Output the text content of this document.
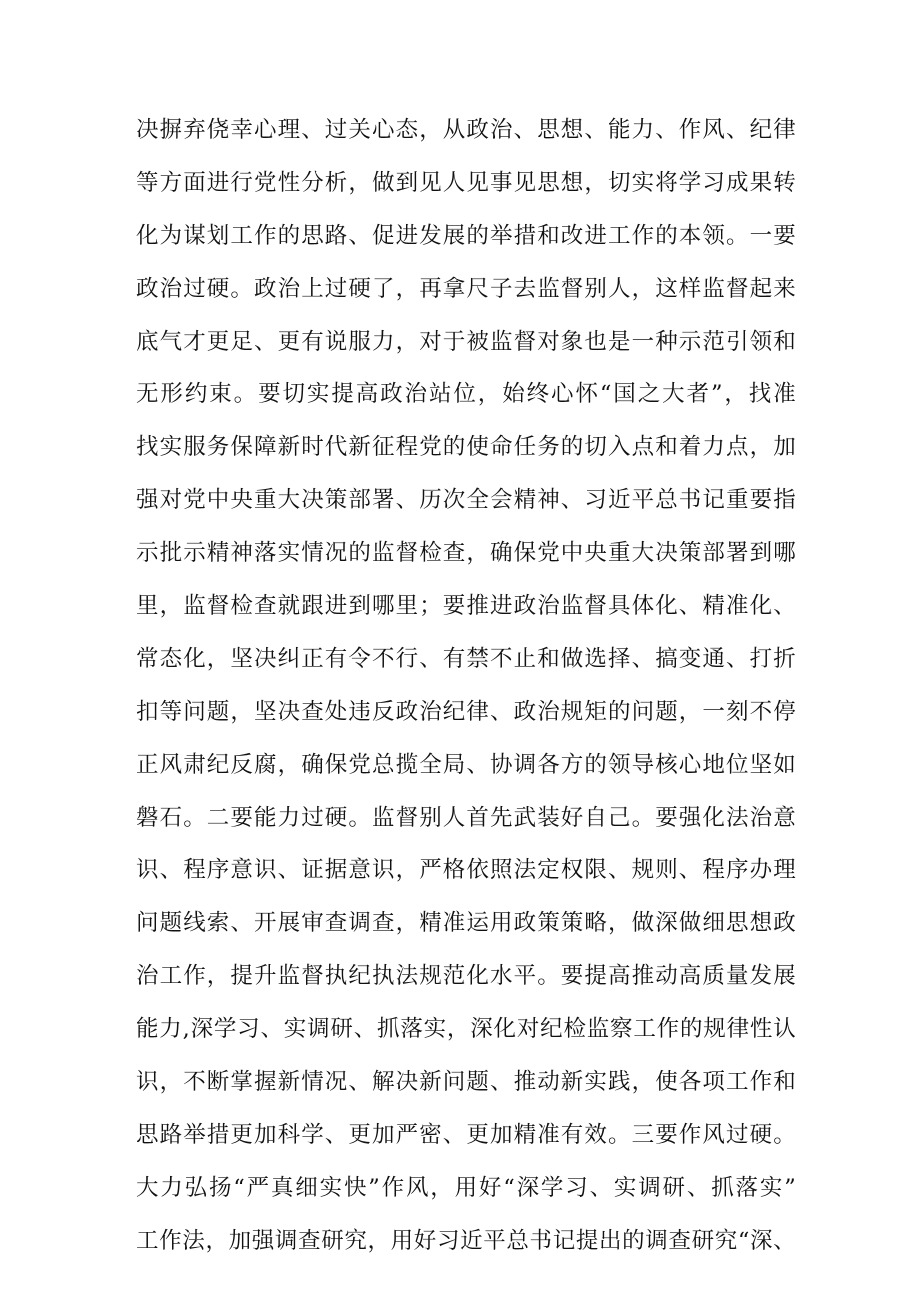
决摒弃侥幸心理、过关心态，从政治、思想、能力、作风、纪律
等方面进行党性分析，做到见人见事见思想，切实将学习成果转
化为谋划工作的思路、促进发展的举措和改进工作的本领。一要
政治过硬。政治上过硬了，再拿尺子去监督别人，这样监督起来
底气才更足、更有说服力，对于被监督对象也是一种示范引领和
无形约束。要切实提高政治站位，始终心怀“国之大者”，找准
找实服务保障新时代新征程党的使命任务的切入点和着力点，加
强对党中央重大决策部署、历次全会精神、习近平总书记重要指
示批示精神落实情况的监督检查，确保党中央重大决策部署到哪
里，监督检查就跟进到哪里；要推进政治监督具体化、精准化、
常态化，坚决纠正有令不行、有禁不止和做选择、搞变通、打折
扣等问题，坚决查处违反政治纪律、政治规矩的问题，一刻不停
正风肃纪反腐，确保党总揽全局、协调各方的领导核心地位坚如
磐石。二要能力过硬。监督别人首先武装好自己。要强化法治意
识、程序意识、证据意识，严格依照法定权限、规则、程序办理
问题线索、开展审查调查，精准运用政策策略，做深做细思想政
治工作，提升监督执纪执法规范化水平。要提高推动高质量发展
能力,深学习、实调研、抓落实，深化对纪检监察工作的规律性认
识，不断掌握新情况、解决新问题、推动新实践，使各项工作和
思路举措更加科学、更加严密、更加精准有效。三要作风过硬。
大力弘扬“严真细实快”作风，用好“深学习、实调研、抓落实”
工作法，加强调查研究，用好习近平总书记提出的调查研究“深、
